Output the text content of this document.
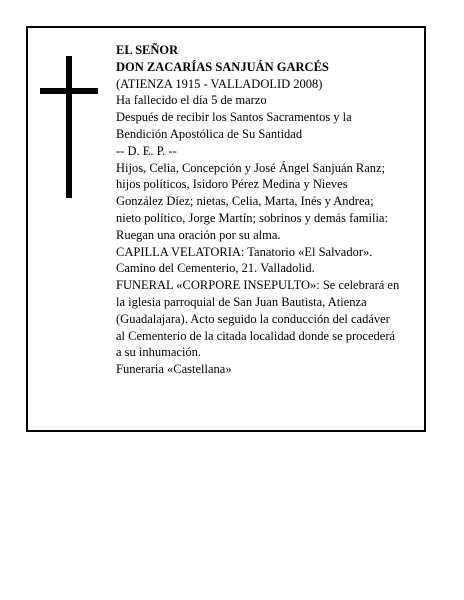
EL SEÑOR
DON ZACARÍAS SANJUÁN GARCÉS
(ATIENZA 1915 - VALLADOLID 2008)
Ha fallecido el día 5 de marzo
Después de recibir los Santos Sacramentos y la
Bendición Apostólica de Su Santidad
-- D. E. P. --
Hijos, Celia, Concepción y José Ángel Sanjuán Ranz;
hijos políticos, Isidoro Pérez Medina y Nieves
González Díez; nietas, Celia, Marta, Inés y Andrea;
nieto político, Jorge Martín; sobrinos y demás familia:
Ruegan una oración por su alma.
CAPILLA VELATORIA: Tanatorio «El Salvador».
Camino del Cementerio, 21. Valladolid.
FUNERAL «CORPORE INSEPULTO»: Se celebrará en
la iglesia parroquial de San Juan Bautista, Atienza
(Guadalajara). Acto seguido la conducción del cadáver
al Cementerio de la citada localidad donde se procederá
a su inhumación.
Funeraria «Castellana»
